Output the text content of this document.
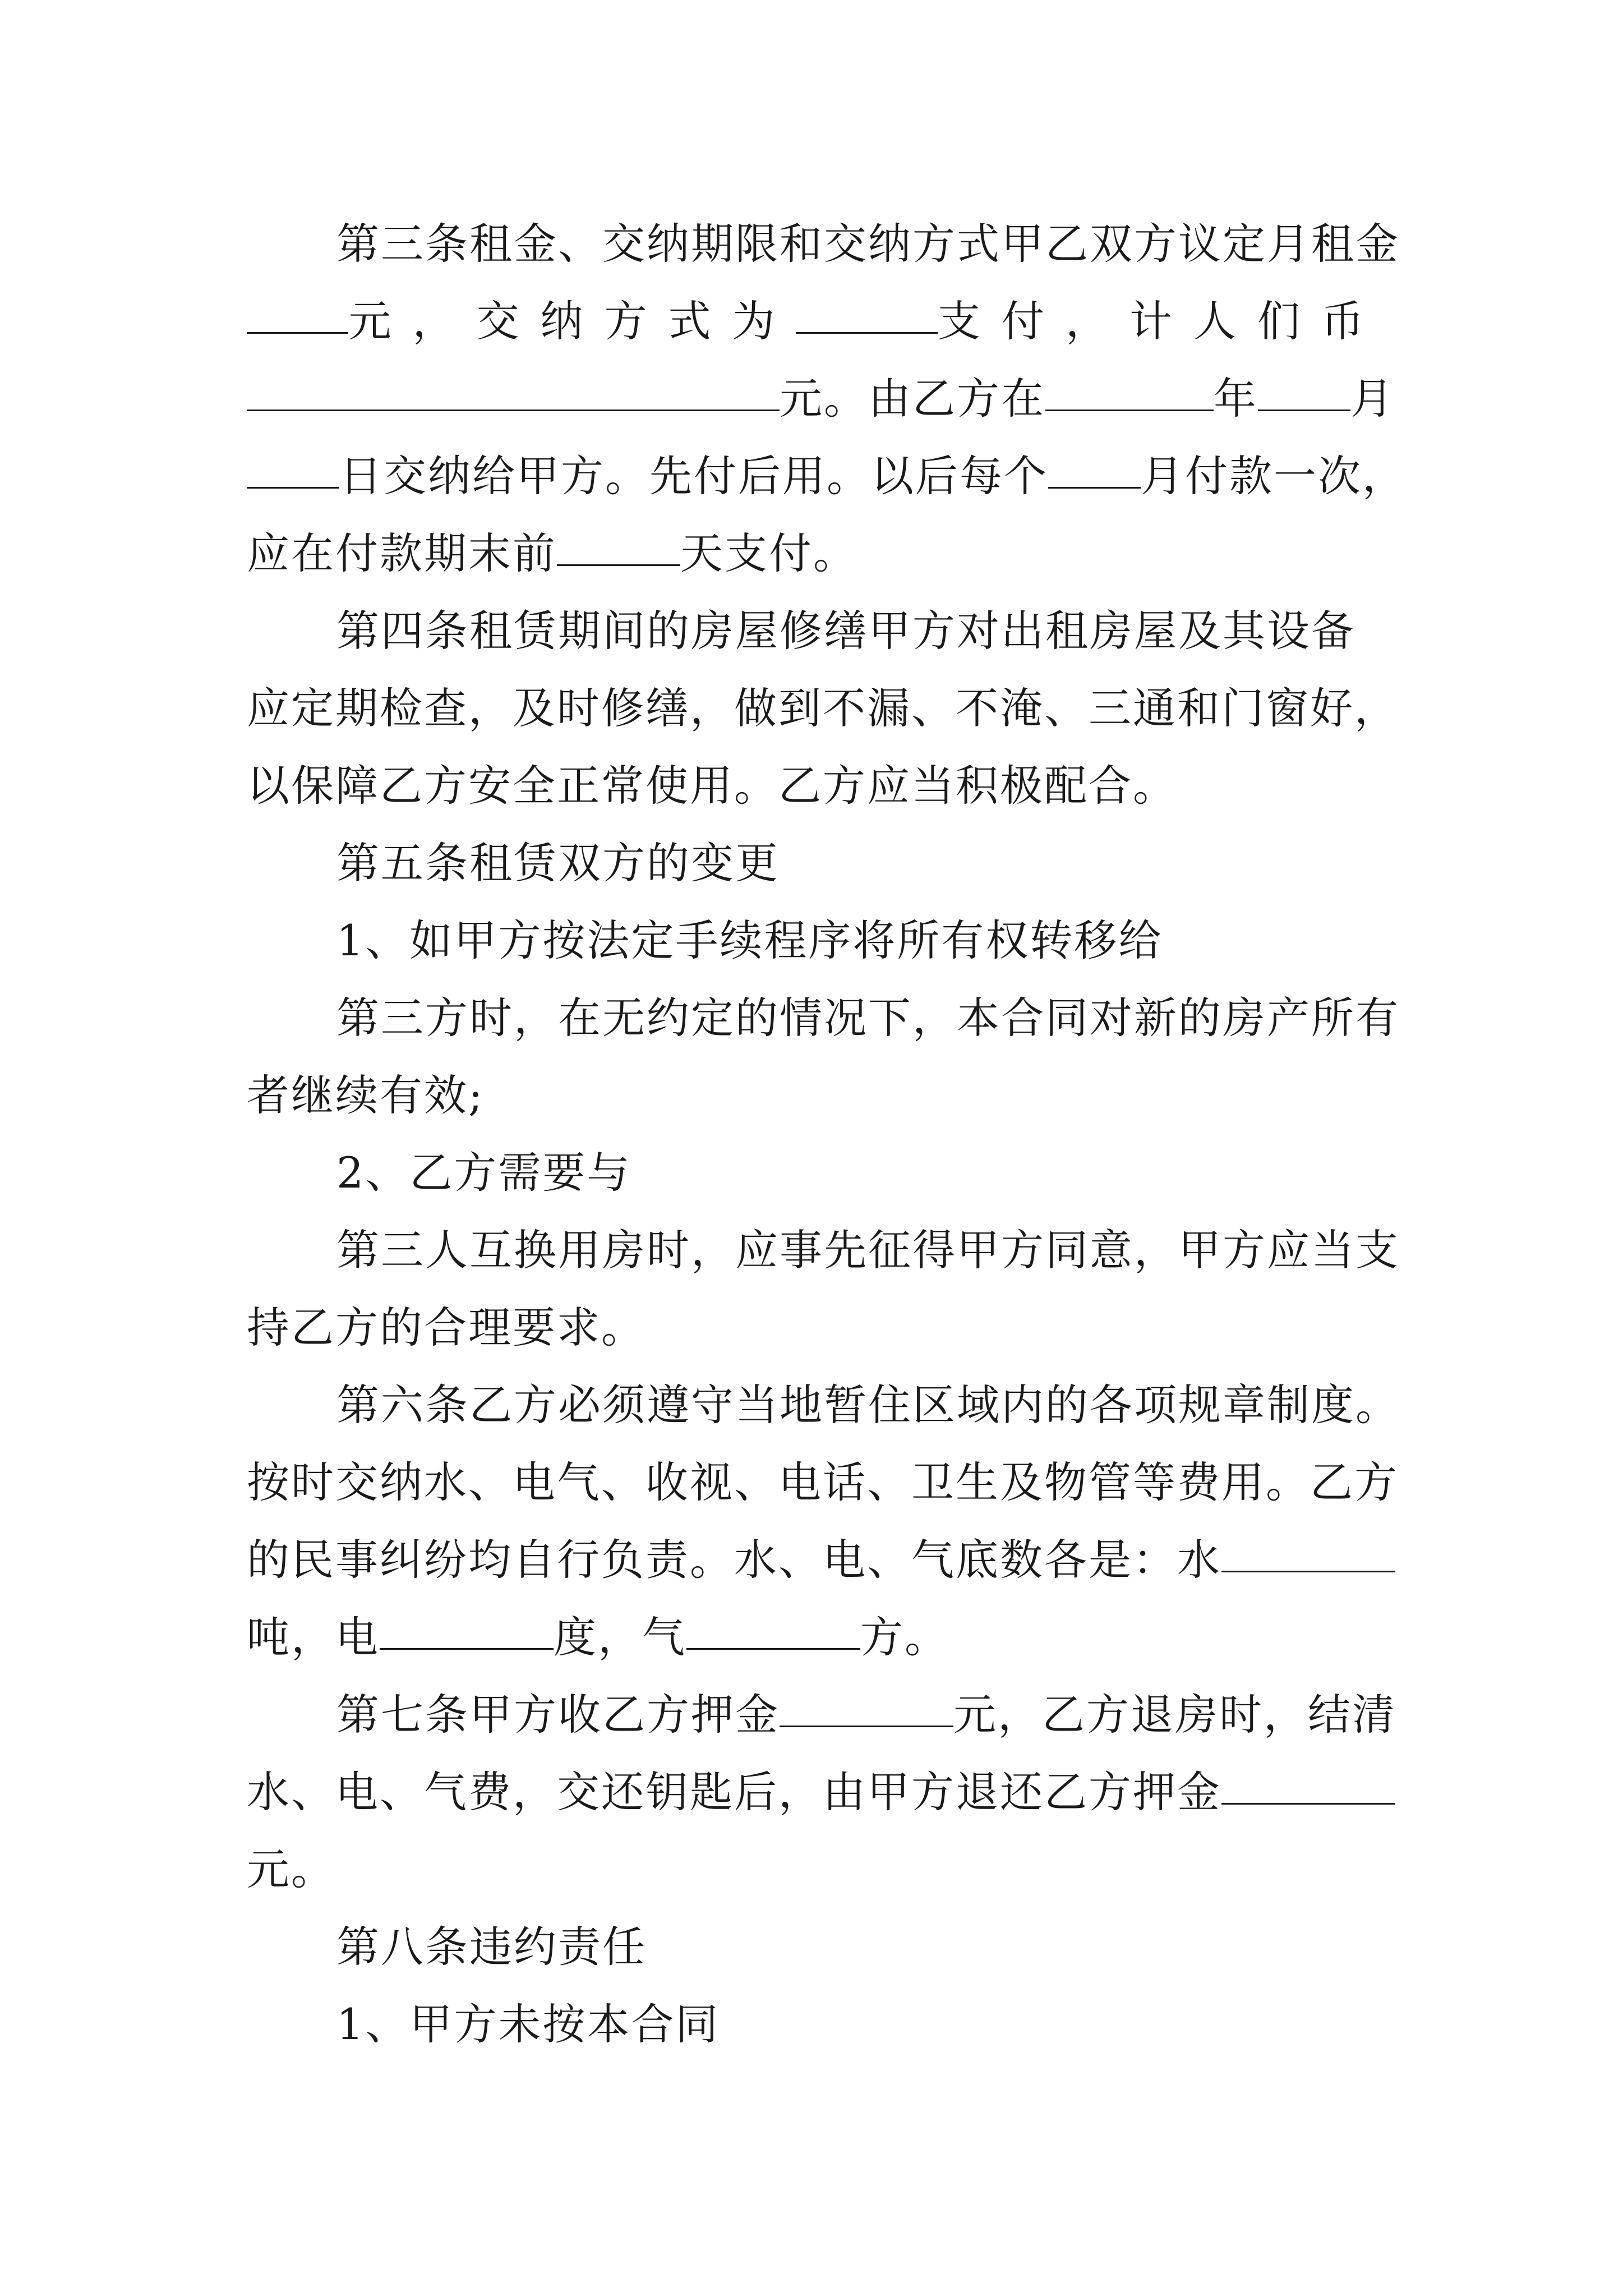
第三条租金、交纳期限和交纳方式甲乙双方议定月租金
元，交纳方式为	支付，计人们币
元。由乙方在	年 月
日交纳给甲方。先付后用。以后每个 月付款一次，
应在付款期末前	天支付。
第四条租赁期间的房屋修缮甲方对出租房屋及其设备
应定期检查，及时修缮，做到不漏、不淹、三通和门窗好，
以保障乙方安全正常使用。乙方应当积极配合。
第五条租赁双方的变更
1、如甲方按法定手续程序将所有权转移给
第三方时，在无约定的情况下，本合同对新的房产所有
者继续有效;
2、乙方需要与
第三人互换用房时，应事先征得甲方同意，甲方应当支
持乙方的合理要求。
第六条乙方必须遵守当地暂住区域内的各项规章制度。
按时交纳水、电气、收视、电话、卫生及物管等费用。乙方
的民事纠纷均自行负责。水、电、气底数各是：水
吨，电	度，气	方。
第七条甲方收乙方押金	元，乙方退房时，结清
水、电、气费，交还钥匙后，由甲方退还乙方押金
元。
第八条违约责任
1、甲方未按本合同
